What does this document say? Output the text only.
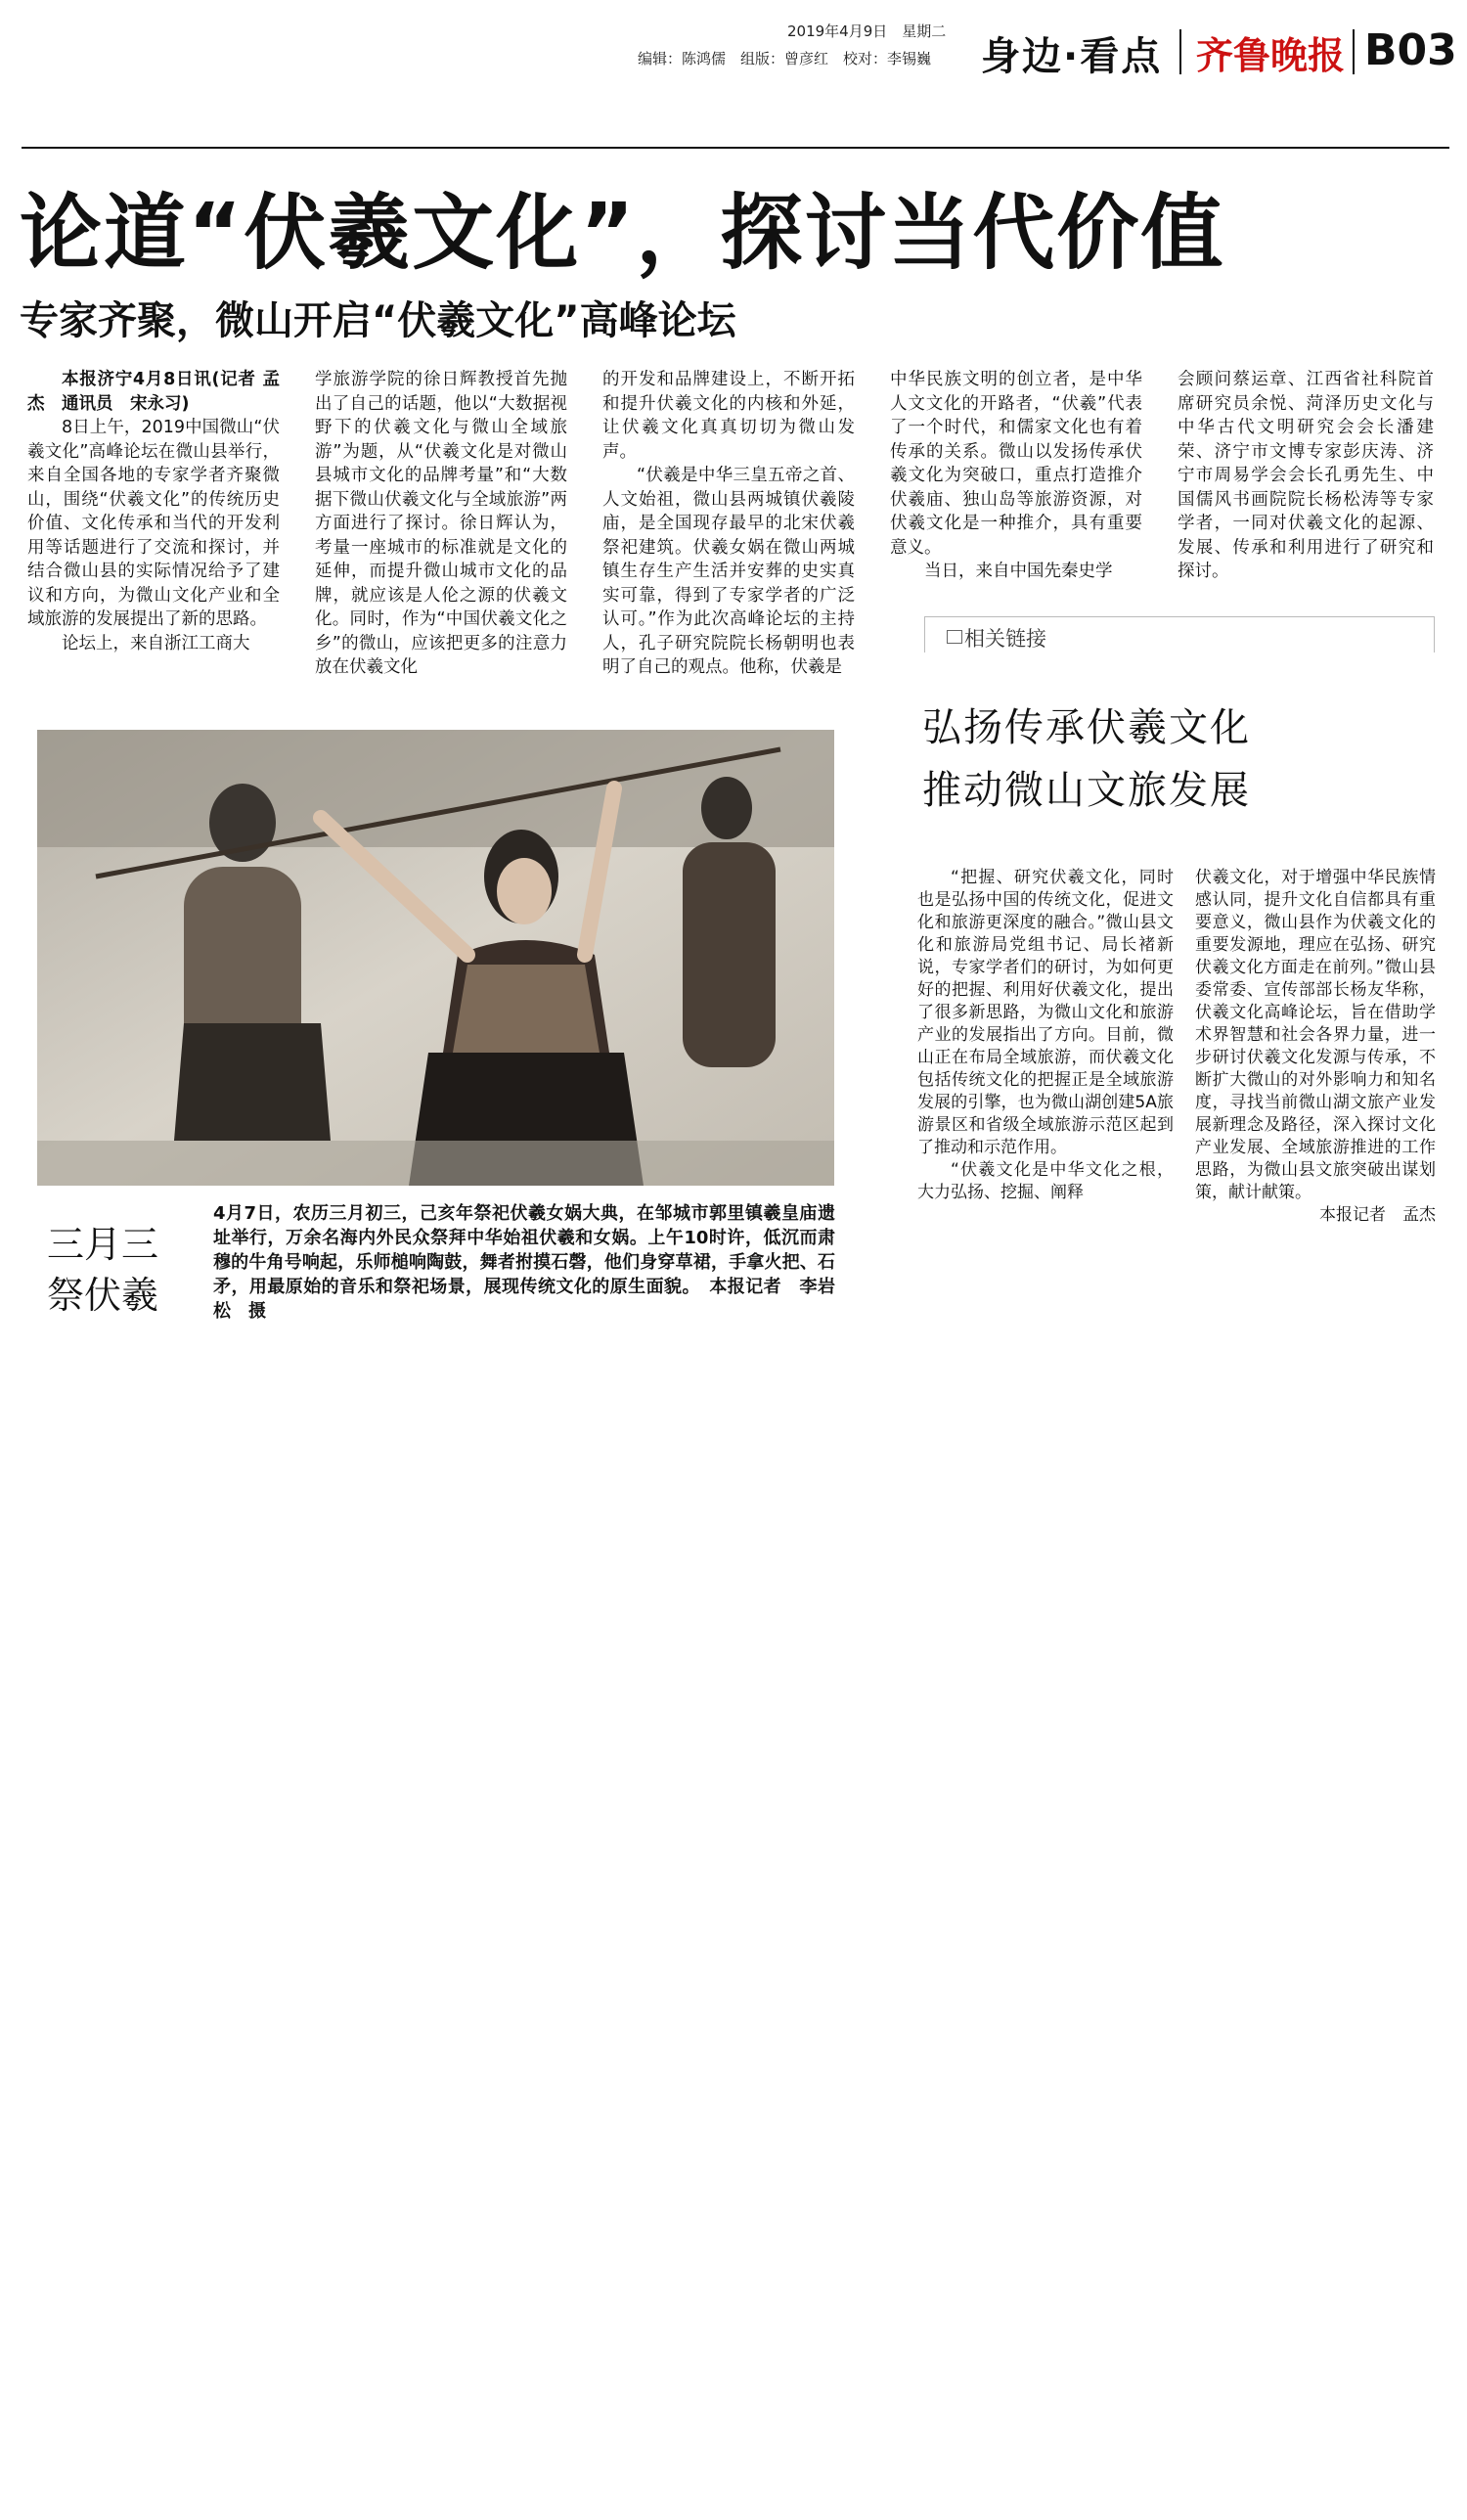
2019年4月9日　星期二
编辑：陈鸿儒　组版：曾彦红　校对：李锡巍 身边·看点 齐鲁晚报 B03
论道“伏羲文化”，探讨当代价值
专家齐聚，微山开启“伏羲文化”高峰论坛

本报济宁4月8日讯(记者 孟杰　通讯员　宋永习)

8日上午，2019中国微山“伏羲文化”高峰论坛在微山县举行，来自全国各地的专家学者齐聚微山，围绕“伏羲文化”的传统历史价值、文化传承和当代的开发利用等话题进行了交流和探讨，并结合微山县的实际情况给予了建议和方向，为微山文化产业和全域旅游的发展提出了新的思路。

论坛上，来自浙江工商大

学旅游学院的徐日辉教授首先抛出了自己的话题，他以“大数据视野下的伏羲文化与微山全域旅游”为题，从“伏羲文化是对微山县城市文化的品牌考量”和“大数据下微山伏羲文化与全域旅游”两方面进行了探讨。徐日辉认为，考量一座城市的标准就是文化的延伸，而提升微山城市文化的品牌，就应该是人伦之源的伏羲文化。同时，作为“中国伏羲文化之乡”的微山，应该把更多的注意力放在伏羲文化

的开发和品牌建设上，不断开拓和提升伏羲文化的内核和外延，让伏羲文化真真切切为微山发声。

“伏羲是中华三皇五帝之首、人文始祖，微山县两城镇伏羲陵庙，是全国现存最早的北宋伏羲祭祀建筑。伏羲女娲在微山两城镇生存生产生活并安葬的史实真实可靠，得到了专家学者的广泛认可。”作为此次高峰论坛的主持人，孔子研究院院长杨朝明也表明了自己的观点。他称，伏羲是

中华民族文明的创立者，是中华人文文化的开路者，“伏羲”代表了一个时代，和儒家文化也有着传承的关系。微山以发扬传承伏羲文化为突破口，重点打造推介伏羲庙、独山岛等旅游资源，对伏羲文化是一种推介，具有重要意义。

当日，来自中国先秦史学

会顾问蔡运章、江西省社科院首席研究员余悦、菏泽历史文化与中华古代文明研究会会长潘建荣、济宁市文博专家彭庆涛、济宁市周易学会会长孔勇先生、中国儒风书画院院长杨松涛等专家学者，一同对伏羲文化的起源、发展、传承和利用进行了研究和探讨。

三月三
祭伏羲
4月7日，农历三月初三，己亥年祭祀伏羲女娲大典，在邹城市郭里镇羲皇庙遗址举行，万余名海内外民众祭拜中华始祖伏羲和女娲。上午10时许，低沉而肃穆的牛角号响起，乐师槌响陶鼓，舞者拊摸石磬，他们身穿草裙，手拿火把、石矛，用最原始的音乐和祭祀场景，展现传统文化的原生面貌。　本报记者　李岩松　摄
相关链接
弘扬传承伏羲文化
推动微山文旅发展

“把握、研究伏羲文化，同时也是弘扬中国的传统文化，促进文化和旅游更深度的融合。”微山县文化和旅游局党组书记、局长褚新说，专家学者们的研讨，为如何更好的把握、利用好伏羲文化，提出了很多新思路，为微山文化和旅游产业的发展指出了方向。目前，微山正在布局全域旅游，而伏羲文化包括传统文化的把握正是全域旅游发展的引擎，也为微山湖创建5A旅游景区和省级全域旅游示范区起到了推动和示范作用。

“伏羲文化是中华文化之根，大力弘扬、挖掘、阐释

伏羲文化，对于增强中华民族情感认同，提升文化自信都具有重要意义，微山县作为伏羲文化的重要发源地，理应在弘扬、研究伏羲文化方面走在前列。”微山县委常委、宣传部部长杨友华称，伏羲文化高峰论坛，旨在借助学术界智慧和社会各界力量，进一步研讨伏羲文化发源与传承，不断扩大微山的对外影响力和知名度，寻找当前微山湖文旅产业发展新理念及路径，深入探讨文化产业发展、全域旅游推进的工作思路，为微山县文旅突破出谋划策，献计献策。

本报记者　孟杰
